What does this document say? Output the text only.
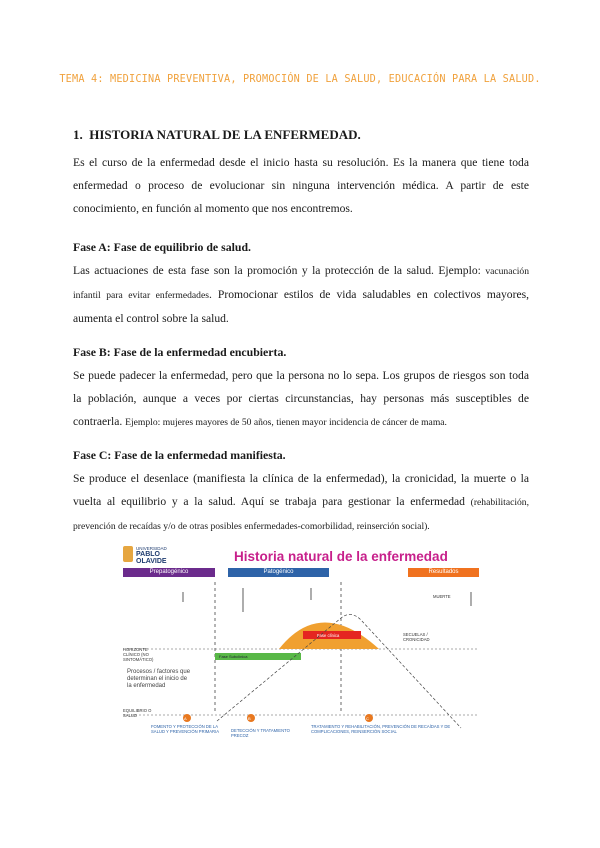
TEMA 4: MEDICINA PREVENTIVA, PROMOCIÓN DE LA SALUD, EDUCACIÓN PARA LA SALUD.
1. HISTORIA NATURAL DE LA ENFERMEDAD.

Es el curso de la enfermedad desde el inicio hasta su resolución. Es la manera que tiene toda enfermedad o proceso de evolucionar sin ninguna intervención médica. A partir de este conocimiento, en función al momento que nos encontremos.

Fase A: Fase de equilibrio de salud.

Las actuaciones de esta fase son la promoción y la protección de la salud. Ejemplo: vacunación infantil para evitar enfermedades. Promocionar estilos de vida saludables en colectivos mayores, aumenta el control sobre la salud.

Fase B: Fase de la enfermedad encubierta.

Se puede padecer la enfermedad, pero que la persona no lo sepa. Los grupos de riesgos son toda la población, aunque a veces por ciertas circunstancias, hay personas más susceptibles de contraerla. Ejemplo: mujeres mayores de 50 años, tienen mayor incidencia de cáncer de mama.

Fase C: Fase de la enfermedad manifiesta.

Se produce el desenlace (manifiesta la clínica de la enfermedad), la cronicidad, la muerte o la vuelta al equilibrio y a la salud. Aquí se trabaja para gestionar la enfermedad (rehabilitación, prevención de recaídas y/o de otras posibles enfermedades-comorbilidad, reinserción social).

UNIVERSIDAD
PABLO
OLAVIDE	Historia natural de la enfermedad
Prepatogénico	Patogénico	Resultados
HORIZONTE CLÍNICO (NO SINTOMÁTICO)
EQUILIBRIO O SALUD
MUERTE
SECUELAS / CRONICIDAD
Fase Subclínica
Fase clínica
Procesos / factores que determinan el inicio de la enfermedad
A	B	C
FOMENTO Y PROTECCIÓN DE LA SALUD Y PREVENCIÓN PRIMARIA	DETECCIÓN Y TRATAMIENTO PRECOZ
TRATAMIENTO Y REHABILITACIÓN, PREVENCIÓN DE RECAÍDAS Y DE COMPLICACIONES, REINSERCIÓN SOCIAL
